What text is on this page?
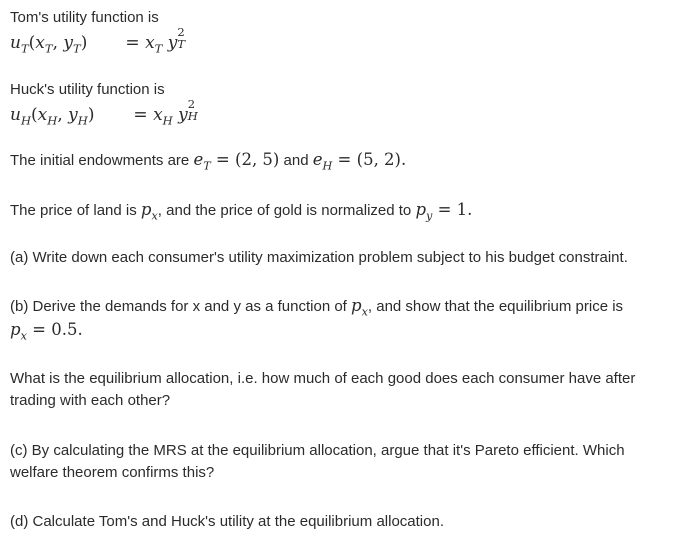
Tom's utility function is
$u_T(x_T$, $y_T) = x_T$ y
2
T
Huck's utility function is
$u_H(x_H$, $y_H) = x_H$ y
2
H
The initial endowments are $e_T = (2$, 5) and $e_H = (5$, 2).
The price of land is $p_x$, and the price of gold is normalized to $p_y = 1$.
(a) Write down each consumer's utility maximization problem subject to his budget constraint.
(b) Derive the demands for x and y as a function of $p_x$, and show that the equilibrium price is
$p_x = 0.5$.
What is the equilibrium allocation, i.e. how much of each good does each consumer have after trading with each other?
(c) By calculating the MRS at the equilibrium allocation, argue that it's Pareto efficient. Which welfare theorem confirms this?
(d) Calculate Tom's and Huck's utility at the equilibrium allocation.
